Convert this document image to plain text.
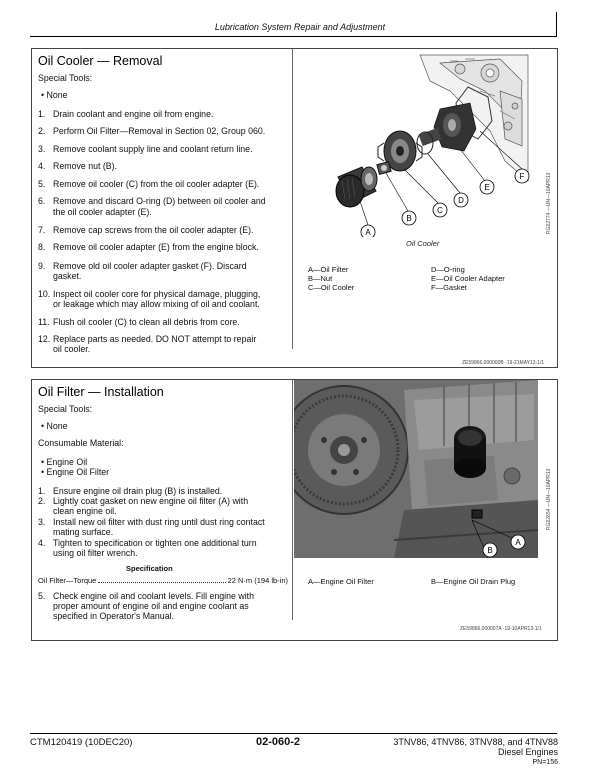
Lubrication System Repair and Adjustment
Oil Cooler — Removal
Special Tools:
• None
1. Drain coolant and engine oil from engine.
2. Perform Oil Filter—Removal in Section 02, Group 060.
3. Remove coolant supply line and coolant return line.
4. Remove nut (B).
5. Remove oil cooler (C) from the oil cooler adapter (E).
6. Remove and discard O-ring (D) between oil cooler and
the oil cooler adapter (E).
7. Remove cap screws from the oil cooler adapter (E).
8. Remove oil cooler adapter (E) from the engine block.
9. Remove old oil cooler adapter gasket (F). Discard
gasket.
10. Inspect oil cooler core for physical damage, plugging,
or leakage which may allow mixing of oil and coolant.
11. Flush oil cooler (C) to clean all debris from core.
12. Replace parts as needed. DO NOT attempt to repair
oil cooler.
A
B
C
D
E
F	RG22774 —UN—10APR13
Oil Cooler
A—Oil Filter
B—Nut
C—Oil Cooler
D—O-ring
E—Oil Cooler Adapter
F—Gasket
ZE59866,000000B -19-21MAY13-1/1
Oil Filter — Installation
Special Tools:
• None
Consumable Material:
• Engine Oil
• Engine Oil Filter
1. Ensure engine oil drain plug (B) is installed.
2. Lightly coat gasket on new engine oil filter (A) with
clean engine oil.
3. Install new oil filter with dust ring until dust ring contact
mating surface.
4. Tighten to specification or tighten one additional turn
using oil filter wrench.
Specification
Oil Filter—Torque	22 N·m (194 lb-in)
5. Check engine oil and coolant levels. Fill engine with
proper amount of engine oil and engine coolant as
specified in Operator's Manual.
A
B
RG22654 —UN—10APR13
A—Engine Oil Filter	B—Engine Oil Drain Plug
ZE59866,000007A -19-10APR13-1/1
CTM120419 (10DEC20)	02-060-2	3TNV86, 4TNV86, 3TNV88, and 4TNV88
Diesel Engines
PN=156
